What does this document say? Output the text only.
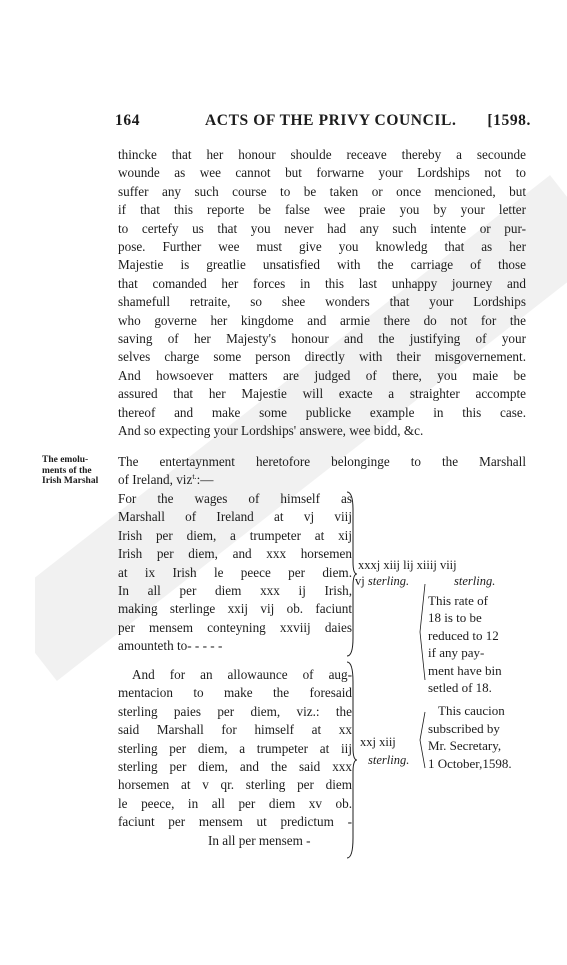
164	ACTS OF THE PRIVY COUNCIL. [1598.
thincke that her honour shoulde receave thereby a secounde
wounde as wee cannot but forwarne your Lordships not to
suffer any such course to be taken or once mencioned, but
if that this reporte be false wee praie you by your letter
to certefy us that you never had any such intente or pur-
pose. Further wee must give you knowledg that as her
Majestie is greatlie unsatisfied with the carriage of those
that comanded her forces in this last unhappy journey and
shamefull retraite, so shee wonders that your Lordships
who governe her kingdome and armie there do not for the
saving of her Majesty's honour and the justifying of your
selves charge some person directly with their misgovernement.
And howsoever matters are judged of there, you maie be
assured that her Majestie will exacte a straighter accompte
thereof and make some publicke example in this case.
And so expecting your Lordships' answere, wee bidd, &c.
The emolu-
ments of the
Irish Marshal
The entertaynment heretofore belonginge to the Marshall
of Ireland, viz$^{t.}$:—
For the wages of himself as
Marshall of Ireland at vj viij
Irish per diem, a trumpeter at xij
Irish per diem, and xxx horsemen
at ix Irish le peece per diem.
In all per diem xxx ij Irish,
making sterlinge xxij vij ob. faciunt
per mensem conteyning xxviij daies
amounteth to- - - - -
xxxj xiij lij xiiij viij
vj sterling.	sterling.
And for an allowaunce of aug-
mentacion to make the foresaid
sterling paies per diem, viz.: the
said Marshall for himself at xx
sterling per diem, a trumpeter at iij
sterling per diem, and the said xxx
horsemen at v qr. sterling per diem
le peece, in all per diem xv ob.
faciunt per mensem ut predictum -
In all per mensem -
xxj xiij
sterling.
This rate of
18 is to be
reduced to 12
if any pay-
ment have bin
setled of 18.
This caucion
subscribed by
Mr. Secretary,
1 October,1598.
